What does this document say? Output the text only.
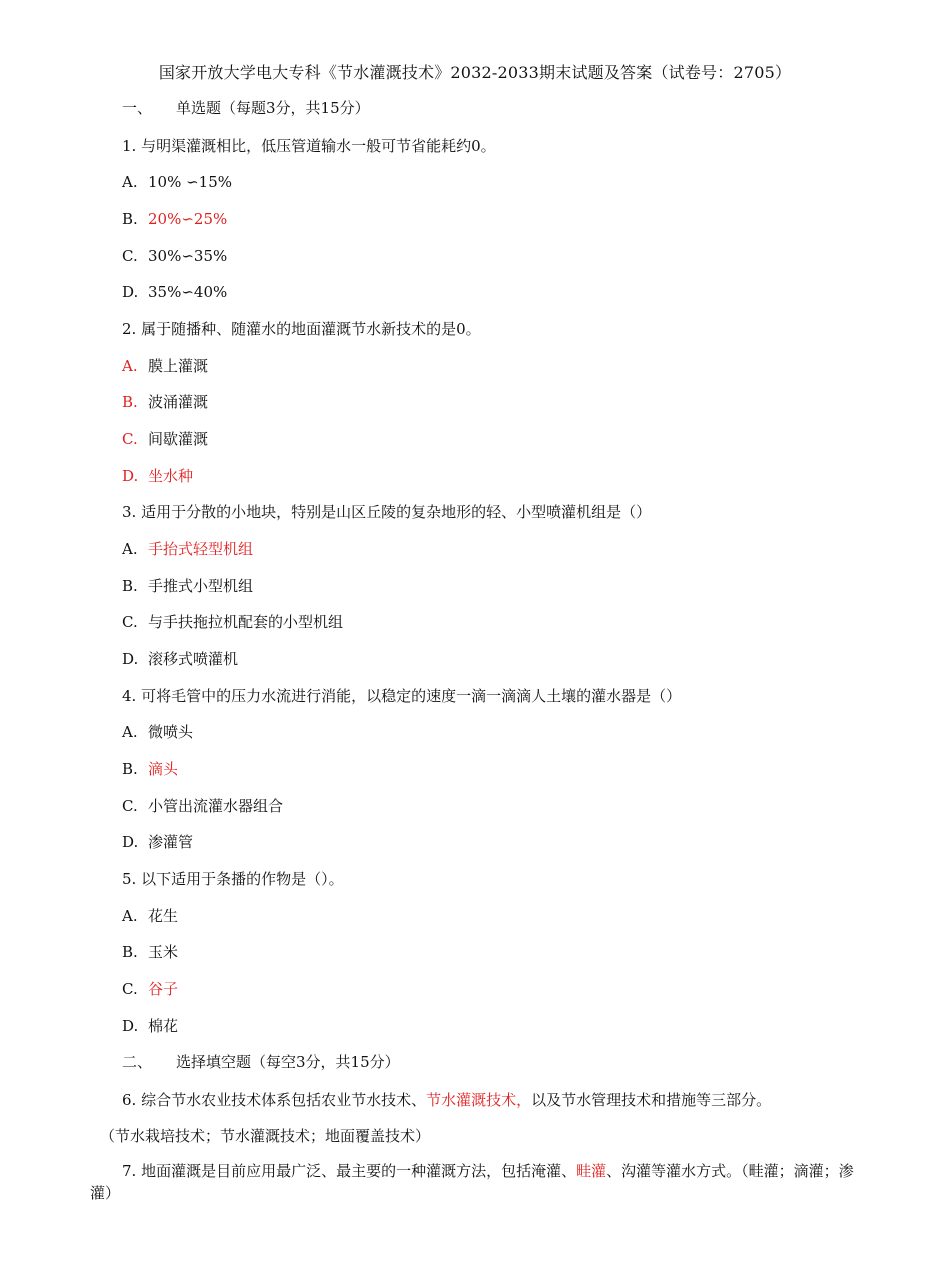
国家开放大学电大专科《节水灌溉技术》2032-2033期末试题及答案（试卷号：2705）
一、 单选题（每题3分，共15分）
1. 与明渠灌溉相比，低压管道输水一般可节省能耗约0。
A. 10% ∽15%
B. 20%∽25%
C. 30%∽35%
D. 35%∽40%
2. 属于随播种、随灌水的地面灌溉节水新技术的是0。
A. 膜上灌溉
B. 波涌灌溉
C. 间歇灌溉
D. 坐水种
3. 适用于分散的小地块，特别是山区丘陵的复杂地形的轻、小型喷灌机组是（）
A. 手抬式轻型机组
B. 手推式小型机组
C. 与手扶拖拉机配套的小型机组
D. 滚移式喷灌机
4. 可将毛管中的压力水流进行消能，以稳定的速度一滴一滴滴人土壤的灌水器是（）
A. 微喷头
B. 滴头
C. 小管出流灌水器组合
D. 渗灌管
5. 以下适用于条播的作物是（）。
A. 花生
B. 玉米
C. 谷子
D. 棉花
二、 选择填空题（每空3分，共15分）
6. 综合节水农业技术体系包括农业节水技术、节水灌溉技术，以及节水管理技术和措施等三部分。
（节水栽培技术；节水灌溉技术；地面覆盖技术）
7. 地面灌溉是目前应用最广泛、最主要的一种灌溉方法，包括淹灌、畦灌、沟灌等灌水方式。（畦灌；滴灌；渗灌）
